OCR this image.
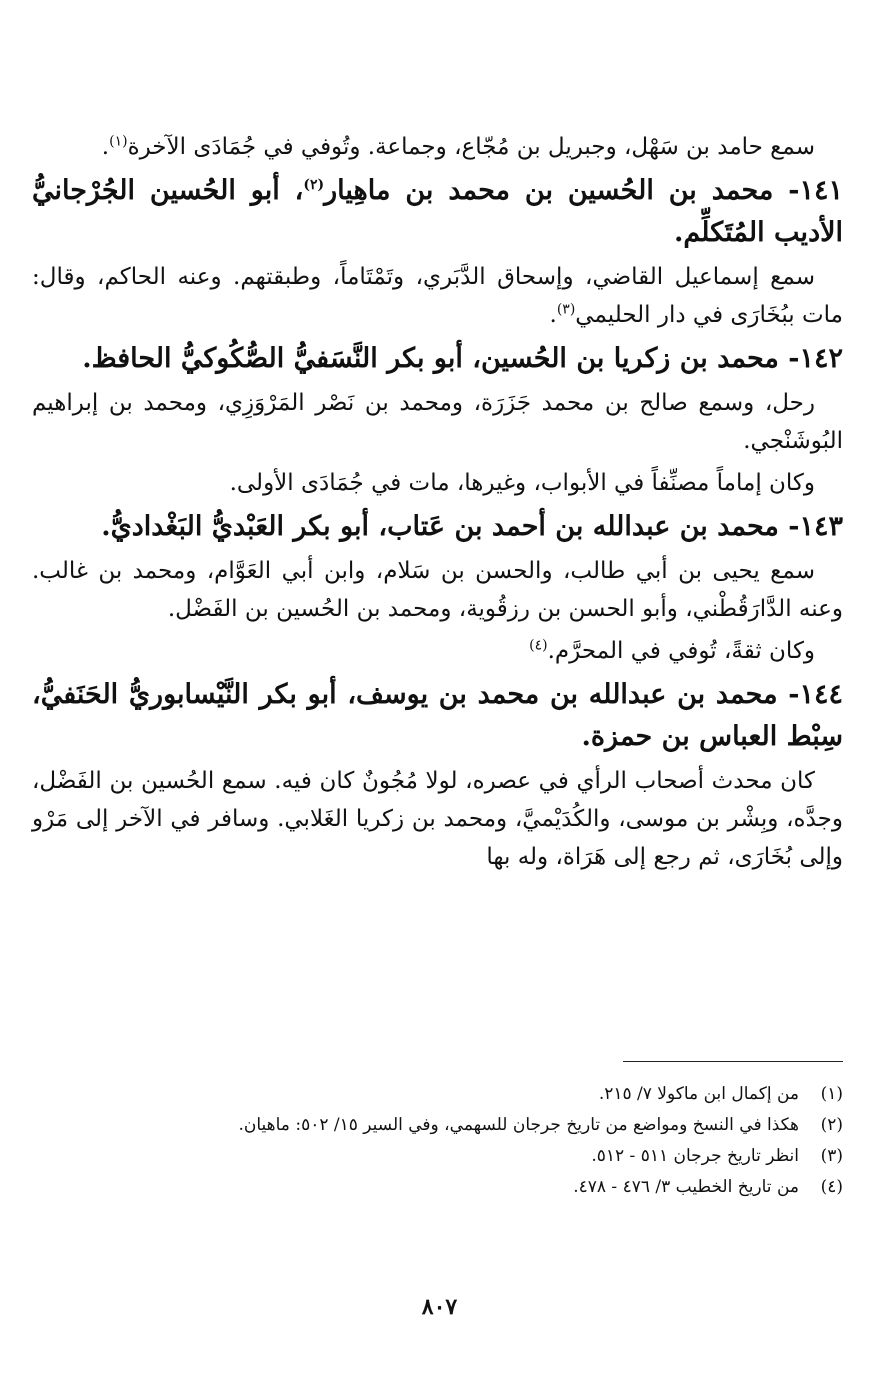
سمع حامد بن سَهْل، وجبريل بن مُجّاع، وجماعة. وتُوفي في جُمَادَى الآخرة$^{(١)}$.

١٤١- محمد بن الحُسين بن محمد بن ماهِيار$^{(٢)}$، أبو الحُسين الجُرْجانيُّ الأديب المُتَكلِّم.

سمع إسماعيل القاضي، وإسحاق الدَّبَري، وتَمْتَاماً، وطبقتهم. وعنه الحاكم، وقال: مات ببُخَارَى في دار الحليمي$^{(٣)}$.

١٤٢- محمد بن زكريا بن الحُسين، أبو بكر النَّسَفيُّ الصُّكُوكيُّ الحافظ.

رحل، وسمع صالح بن محمد جَزَرَة، ومحمد بن نَصْر المَرْوَزِي، ومحمد بن إبراهيم البُوشَنْجي.

وكان إماماً مصنِّفاً في الأبواب، وغيرها، مات في جُمَادَى الأولى.

١٤٣- محمد بن عبدالله بن أحمد بن عَتاب، أبو بكر العَبْديُّ البَغْداديُّ.

سمع يحيى بن أبي طالب، والحسن بن سَلام، وابن أبي العَوَّام، ومحمد بن غالب. وعنه الدَّارَقُطْني، وأبو الحسن بن رزقُوية، ومحمد بن الحُسين بن الفَضْل.

وكان ثقةً، تُوفي في المحرَّم.$^{(٤)}$

١٤٤- محمد بن عبدالله بن محمد بن يوسف، أبو بكر النَّيْسابوريُّ الحَنَفيُّ، سِبْط العباس بن حمزة.

كان محدث أصحاب الرأي في عصره، لولا مُجُونٌ كان فيه. سمع الحُسين بن الفَضْل، وجدَّه، وبِشْر بن موسى، والكُدَيْميَّ، ومحمد بن زكريا الغَلابي. وسافر في الآخر إلى مَرْو وإلى بُخَارَى، ثم رجع إلى هَرَاة، وله بها

(١)
من إكمال ابن ماكولا ٧/ ٢١٥.
(٢)
هكذا في النسخ ومواضع من تاريخ جرجان للسهمي، وفي السير ١٥/ ٥٠٢: ماهيان.
(٣)
انظر تاريخ جرجان ٥١١ - ٥١٢.
(٤)
من تاريخ الخطيب ٣/ ٤٧٦ - ٤٧٨.
٨٠٧
